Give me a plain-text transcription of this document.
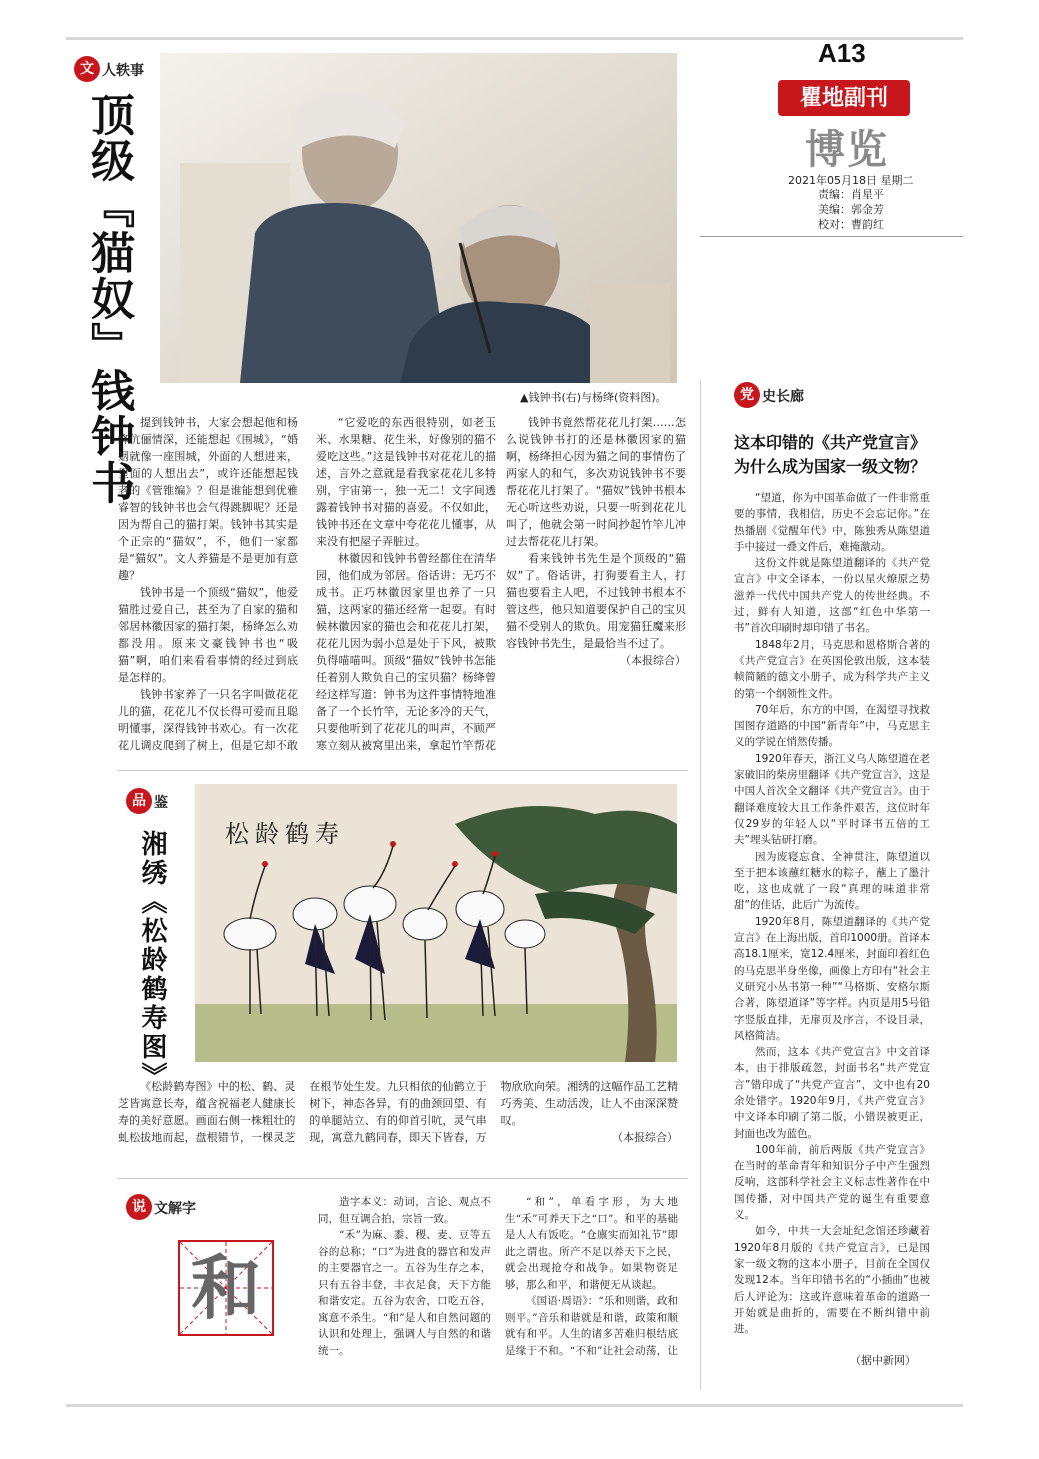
A13
瞿地副刊
博览
2021年05月18日 星期二
责编：肖星平
美编：郭金芳
校对：曹韵红
文 人轶事
顶级『猫奴』钱钟书	▲钱钟书(右)与杨绛(资料图)。

提到钱钟书，大家会想起他和杨绛伉俪情深，还能想起《围城》，“婚姻就像一座围城，外面的人想进来，里面的人想出去”，或许还能想起钱老的《管锥编》？但是谁能想到优雅睿智的钱钟书也会气得跳脚呢？还是因为帮自己的猫打架。钱钟书其实是个正宗的“猫奴”，不，他们一家都是“猫奴”。文人养猫是不是更加有意趣？

钱钟书是一个顶级“猫奴”，他爱猫胜过爱自己，甚至为了自家的猫和邻居林徽因家的猫打架，杨绛怎么劝都没用。原来文豪钱钟书也“吸猫”啊，咱们来看看事情的经过到底是怎样的。

钱钟书家养了一只名字叫做花花儿的猫，花花儿不仅长得可爱而且聪明懂事，深得钱钟书欢心。有一次花花儿调皮爬到了树上，但是它却不敢

“它爱吃的东西很特别，如老玉米、水果糖、花生米，好像别的猫不爱吃这些。”这是钱钟书对花花儿的描述，言外之意就是看我家花花儿多特别，宇宙第一，独一无二！文字间透露着钱钟书对猫的喜爱。不仅如此，钱钟书还在文章中夸花花儿懂事，从来没有把屋子弄脏过。

林徽因和钱钟书曾经都住在清华园，他们成为邻居。俗话讲：无巧不成书。正巧林徽因家里也养了一只猫，这两家的猫还经常一起耍。有时候林徽因家的猫也会和花花儿打架，花花儿因为弱小总是处于下风，被欺负得喵喵叫。顶级“猫奴”钱钟书怎能任着别人欺负自己的宝贝猫？杨绛曾经这样写道：钟书为这件事情特地准备了一个长竹竿，无论多冷的天气，只要他听到了花花儿的叫声，不顾严寒立刻从被窝里出来，拿起竹竿帮花

钱钟书竟然帮花花儿打架……怎么说钱钟书打的还是林徽因家的猫啊，杨绛担心因为猫之间的事情伤了两家人的和气，多次劝说钱钟书不要帮花花儿打架了。“猫奴”钱钟书根本无心听这些劝说，只要一听到花花儿叫了，他就会第一时间抄起竹竿儿冲过去帮花花儿打架。

看来钱钟书先生是个顶级的“猫奴”了。俗话讲，打狗要看主人，打猫也要看主人吧，不过钱钟书根本不管这些，他只知道要保护自己的宝贝猫不受别人的欺负。用宠猫狂魔来形容钱钟书先生，是最恰当不过了。

（本报综合）
品 鉴
湘绣《松龄鹤寿图》 松龄鹤寿

《松龄鹤寿图》中的松、鹤、灵芝皆寓意长寿，蕴含祝福老人健康长寿的美好意愿。画面右侧一株粗壮的虬松拔地而起，盘根错节，一棵灵芝在根节处生发。九只相依的仙鹤立于树下，神态各异，有的曲颈回望、有的单腿站立、有的仰首引吭，灵气串现，寓意九鹤同春，即天下皆春，万物欣欣向荣。湘绣的这幅作品工艺精巧秀美、生动活泼，让人不由深深赞叹。

（本报综合）
说 文解字
和

造字本义：动词，言论、观点不同，但互调合拍，宗旨一致。

“禾”为麻、黍、稷、麦、豆等五谷的总称；“口”为进食的器官和发声的主要器官之一。五谷为生存之本，只有五谷丰登，丰衣足食，天下方能和谐安定。五谷为农舍，口吃五谷，寓意不杀生。“和”是人和自然问题的认识和处理上，强调人与自然的和谐统一。

“和”，单看字形，为大地生“禾”可养天下之“口”。和平的基础是人人有饭吃。“仓廪实而知礼节”即此之谓也。所产不足以养天下之民，就会出现抢夺和战争。如果物资足够，那么和平，和谐便无从谈起。

《国语·周语》：“乐和则谐，政和则平。”音乐和谐就是和谐，政策和顺就有和平。人生的诸多苦难归根结底是缘于不和。“不和”让社会动荡，让

党 史长廊
这本印错的《共产党宣言》
为什么成为国家一级文物？

“望道，你为中国革命做了一件非常重要的事情，我相信，历史不会忘记你。”在热播剧《觉醒年代》中，陈独秀从陈望道手中接过一叠文件后，难掩激动。

这份文件就是陈望道翻译的《共产党宣言》中文全译本，一份以星火燎原之势滋养一代代中国共产党人的传世经典。不过，鲜有人知道，这部“红色中华第一书”首次印刷时却印错了书名。

1848年2月，马克思和恩格斯合著的《共产党宣言》在英国伦敦出版，这本装帧简陋的德文小册子，成为科学共产主义的第一个纲领性文件。

70年后，东方的中国，在渴望寻找救国图存道路的中国“新青年”中，马克思主义的学说在悄然传播。

1920年春天，浙江义乌人陈望道在老家破旧的柴房里翻译《共产党宣言》，这是中国人首次全文翻译《共产党宣言》。由于翻译难度较大且工作条件艰苦，这位时年仅29岁的年轻人以“平时译书五倍的工夫”埋头钻研打磨。

因为废寝忘食、全神贯注，陈望道以至于把本该蘸红糖水的粽子，蘸上了墨汁吃，这也成就了一段“真理的味道非常甜”的佳话，此后广为流传。

1920年8月，陈望道翻译的《共产党宣言》在上海出版，首印1000册。首译本高18.1厘米，宽12.4厘米，封面印着红色的马克思半身坐像，画像上方印有“社会主义研究小丛书第一种”“马格斯、安格尔斯合著，陈望道译”等字样。内页是用5号铅字竖版直排，无扉页及序言，不设目录，风格简洁。

然而，这本《共产党宣言》中文首译本，由于排版疏忽，封面书名“共产党宣言”错印成了“共党产宣言”，文中也有20余处错字。1920年9月，《共产党宣言》中文译本印刷了第二版，小错误被更正，封面也改为蓝色。

100年前，前后两版《共产党宣言》在当时的革命青年和知识分子中产生强烈反响，这部科学社会主义标志性著作在中国传播，对中国共产党的诞生有重要意义。

如今，中共一大会址纪念馆还珍藏着1920年8月版的《共产党宣言》，已是国家一级文物的这本小册子，目前在全国仅发现12本。当年印错书名的“小插曲”也被后人评论为：这或许意味着革命的道路一开始就是曲折的，需要在不断纠错中前进。

（据中新网）
